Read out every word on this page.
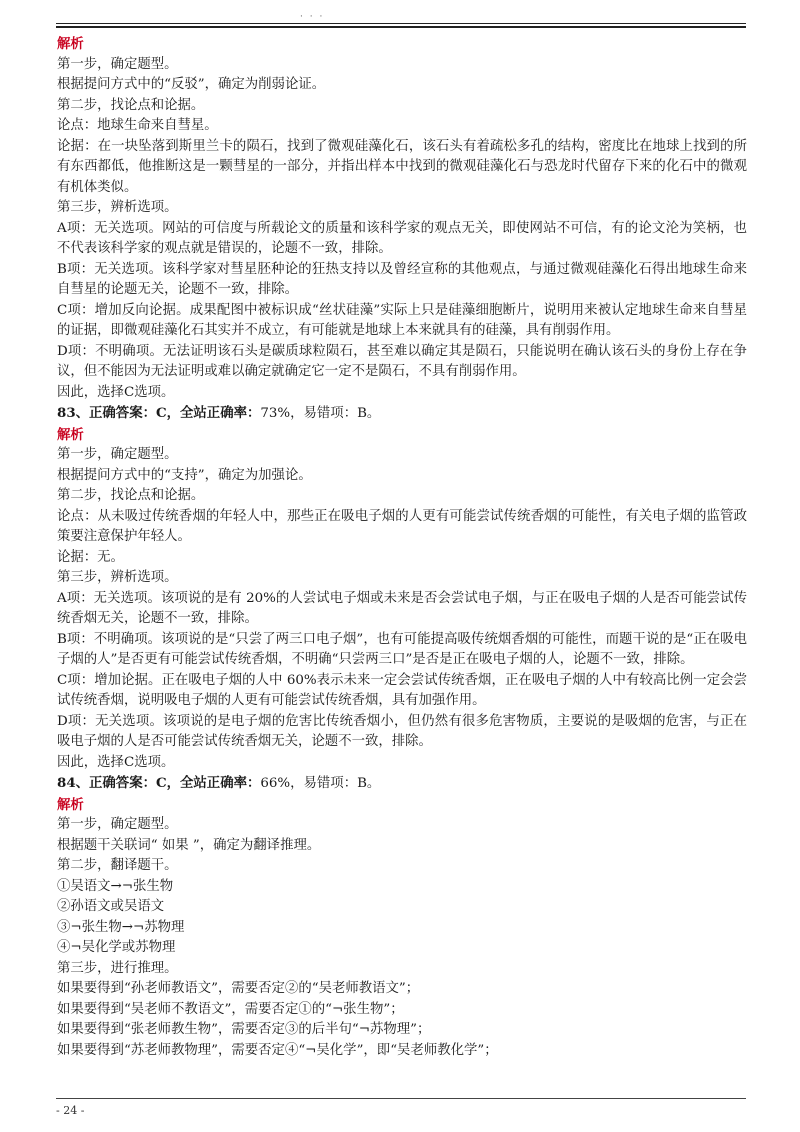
· · ·
解析
第一步，确定题型。
根据提问方式中的“反驳”，确定为削弱论证。
第二步，找论点和论据。
论点：地球生命来自彗星。
论据：在一块坠落到斯里兰卡的陨石，找到了微观硅藻化石，该石头有着疏松多孔的结构，密度比在地球上找到的所有东西都低，他推断这是一颗彗星的一部分，并指出样本中找到的微观硅藻化石与恐龙时代留存下来的化石中的微观有机体类似。
第三步，辨析选项。
A项：无关选项。网站的可信度与所载论文的质量和该科学家的观点无关，即使网站不可信，有的论文沦为笑柄，也不代表该科学家的观点就是错误的，论题不一致，排除。
B项：无关选项。该科学家对彗星胚种论的狂热支持以及曾经宣称的其他观点，与通过微观硅藻化石得出地球生命来自彗星的论题无关，论题不一致，排除。
C项：增加反向论据。成果配图中被标识成“丝状硅藻”实际上只是硅藻细胞断片，说明用来被认定地球生命来自彗星的证据，即微观硅藻化石其实并不成立，有可能就是地球上本来就具有的硅藻，具有削弱作用。
D项：不明确项。无法证明该石头是碳质球粒陨石，甚至难以确定其是陨石，只能说明在确认该石头的身份上存在争议，但不能因为无法证明或难以确定就确定它一定不是陨石，不具有削弱作用。
因此，选择C选项。
83、正确答案：C，全站正确率：73%，易错项：B。
解析
第一步，确定题型。
根据提问方式中的“支持”，确定为加强论。
第二步，找论点和论据。
论点：从未吸过传统香烟的年轻人中，那些正在吸电子烟的人更有可能尝试传统香烟的可能性，有关电子烟的监管政策要注意保护年轻人。
论据：无。
第三步，辨析选项。
A项：无关选项。该项说的是有 20%的人尝试电子烟或未来是否会尝试电子烟，与正在吸电子烟的人是否可能尝试传统香烟无关，论题不一致，排除。
B项：不明确项。该项说的是“只尝了两三口电子烟”，也有可能提高吸传统烟香烟的可能性，而题干说的是“正在吸电子烟的人”是否更有可能尝试传统香烟，不明确“只尝两三口”是否是正在吸电子烟的人，论题不一致，排除。
C项：增加论据。正在吸电子烟的人中 60%表示未来一定会尝试传统香烟，正在吸电子烟的人中有较高比例一定会尝试传统香烟，说明吸电子烟的人更有可能尝试传统香烟，具有加强作用。
D项：无关选项。该项说的是电子烟的危害比传统香烟小，但仍然有很多危害物质，主要说的是吸烟的危害，与正在吸电子烟的人是否可能尝试传统香烟无关，论题不一致，排除。
因此，选择C选项。
84、正确答案：C，全站正确率：66%，易错项：B。
解析
第一步，确定题型。
根据题干关联词“ 如果 ”，确定为翻译推理。
第二步，翻译题干。
①吴语文→¬张生物
②孙语文或吴语文
③¬张生物→¬苏物理
④¬吴化学或苏物理
第三步，进行推理。
如果要得到“孙老师教语文”，需要否定②的“吴老师教语文”；
如果要得到“吴老师不教语文”，需要否定①的“¬张生物”；
如果要得到“张老师教生物”，需要否定③的后半句“¬苏物理”；
如果要得到“苏老师教物理”，需要否定④“¬吴化学”，即“吴老师教化学”；
- 24 -
